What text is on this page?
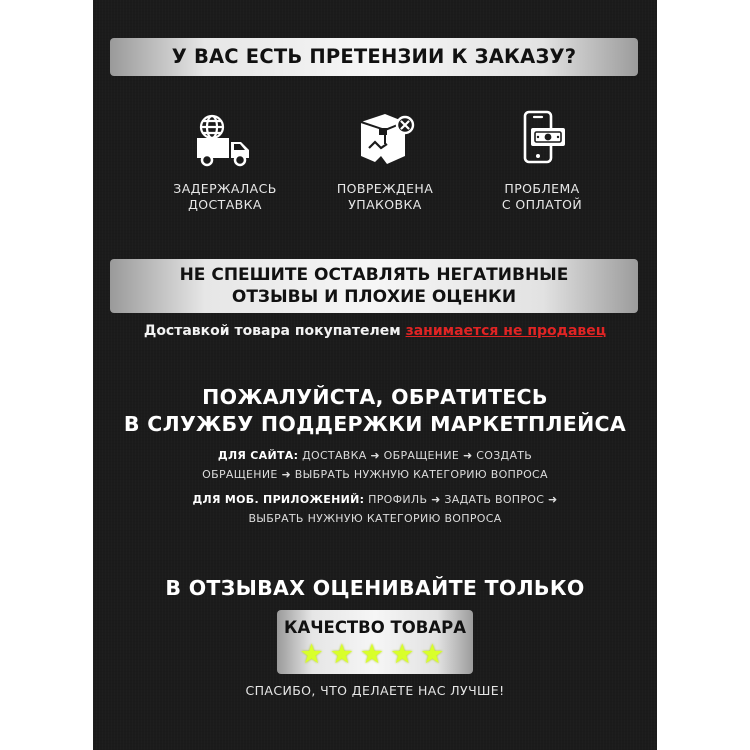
У ВАС ЕСТЬ ПРЕТЕНЗИИ К ЗАКАЗУ?
ЗАДЕРЖАЛАСЬ
ДОСТАВКА
ПОВРЕЖДЕНА
УПАКОВКА
ПРОБЛЕМА
С ОПЛАТОЙ
НЕ СПЕШИТЕ ОСТАВЛЯТЬ НЕГАТИВНЫЕ
ОТЗЫВЫ И ПЛОХИЕ ОЦЕНКИ
Доставкой товара покупателем занимается не продавец
ПОЖАЛУЙСТА, ОБРАТИТЕСЬ
В СЛУЖБУ ПОДДЕРЖКИ МАРКЕТПЛЕЙСА
ДЛЯ САЙТА: ДОСТАВКА ➜ ОБРАЩЕНИЕ ➜ СОЗДАТЬ
ОБРАЩЕНИЕ ➜ ВЫБРАТЬ НУЖНУЮ КАТЕГОРИЮ ВОПРОСА
ДЛЯ МОБ. ПРИЛОЖЕНИЙ: ПРОФИЛЬ ➜ ЗАДАТЬ ВОПРОС ➜
ВЫБРАТЬ НУЖНУЮ КАТЕГОРИЮ ВОПРОСА
В ОТЗЫВАХ ОЦЕНИВАЙТЕ ТОЛЬКО
КАЧЕСТВО ТОВАРА
★★★★★
СПАСИБО, ЧТО ДЕЛАЕТЕ НАС ЛУЧШЕ!
